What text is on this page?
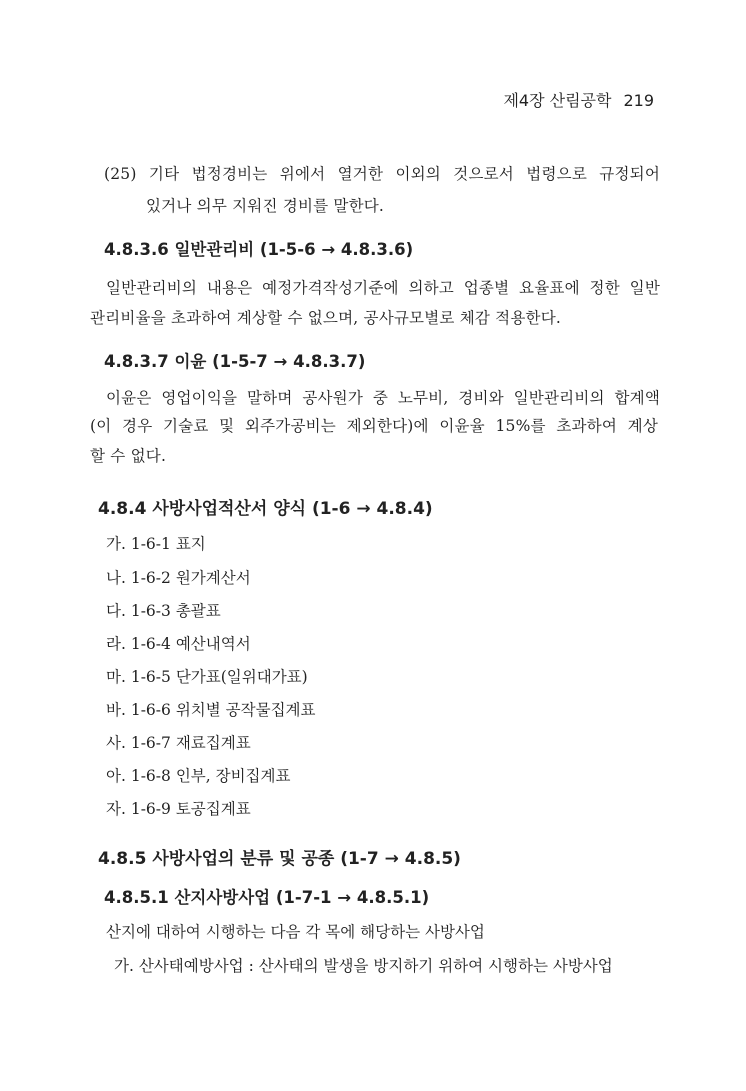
제4장 산림공학 219
(25) 기타 법정경비는 위에서 열거한 이외의 것으로서 법령으로 규정되어
있거나 의무 지워진 경비를 말한다.
4.8.3.6 일반관리비 (1-5-6 → 4.8.3.6)
일반관리비의 내용은 예정가격작성기준에 의하고 업종별 요율표에 정한 일반
관리비율을 초과하여 계상할 수 없으며, 공사규모별로 체감 적용한다.
4.8.3.7 이윤 (1-5-7 → 4.8.3.7)
이윤은 영업이익을 말하며 공사원가 중 노무비, 경비와 일반관리비의 합계액
(이 경우 기술료 및 외주가공비는 제외한다)에 이윤율 15%를 초과하여 계상
할 수 없다.
4.8.4 사방사업적산서 양식 (1-6 → 4.8.4)
가. 1-6-1 표지
나. 1-6-2 원가계산서
다. 1-6-3 총괄표
라. 1-6-4 예산내역서
마. 1-6-5 단가표(일위대가표)
바. 1-6-6 위치별 공작물집계표
사. 1-6-7 재료집계표
아. 1-6-8 인부, 장비집계표
자. 1-6-9 토공집계표
4.8.5 사방사업의 분류 및 공종 (1-7 → 4.8.5)
4.8.5.1 산지사방사업 (1-7-1 → 4.8.5.1)
산지에 대하여 시행하는 다음 각 목에 해당하는 사방사업
가. 산사태예방사업 : 산사태의 발생을 방지하기 위하여 시행하는 사방사업
